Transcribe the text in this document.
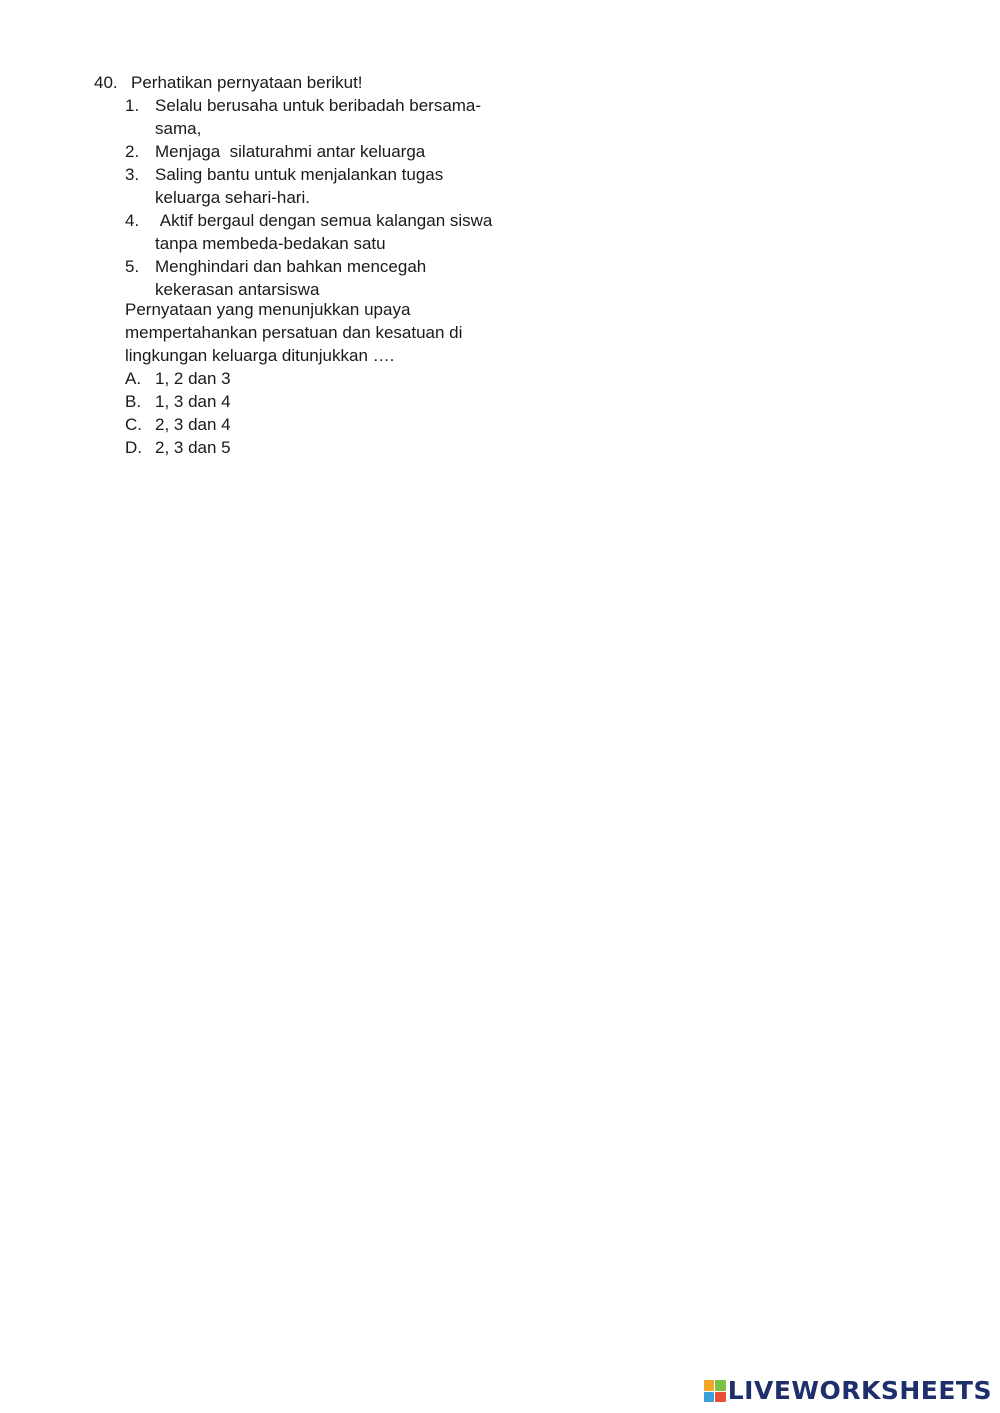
40. Perhatikan pernyataan berikut!
1. Selalu berusaha untuk beribadah bersama-sama,
2. Menjaga  silaturahmi antar keluarga
3. Saling bantu untuk menjalankan tugas keluarga sehari-hari.
4. Aktif bergaul dengan semua kalangan siswa tanpa membeda-bedakan satu
5. Menghindari dan bahkan mencegah kekerasan antarsiswa

Pernyataan yang menunjukkan upaya mempertahankan persatuan dan kesatuan di lingkungan keluarga ditunjukkan ….

A. 1, 2 dan 3
B. 1, 3 dan 4
C. 2, 3 dan 4
D. 2, 3 dan 5
LIVEWORKSHEETS
